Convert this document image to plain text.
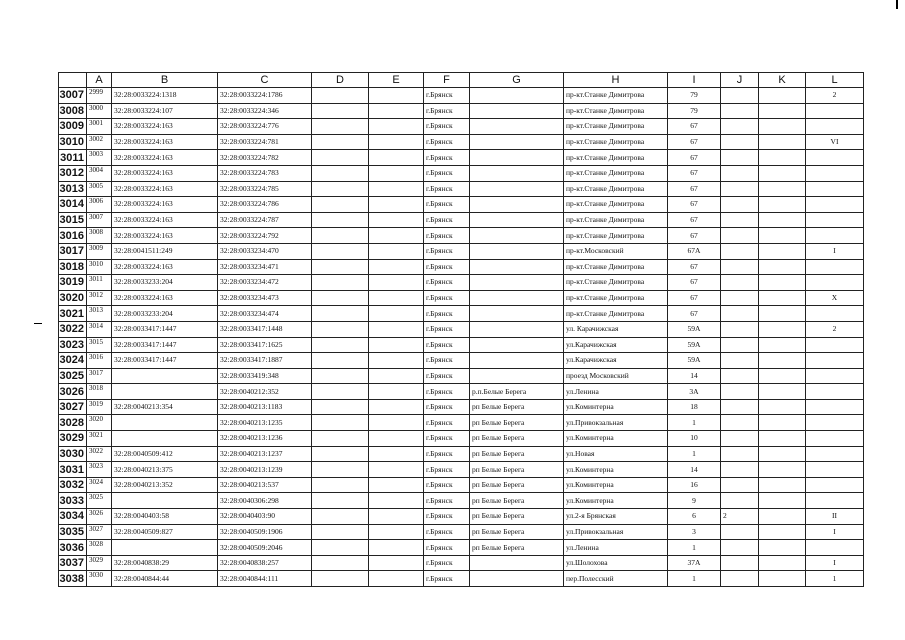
	A	B	C	D	E	F	G	H	I	J	K	L
3007	2999	32:28:0033224:1318	32:28:0033224:1786			г.Брянск		пр-кт.Станке Димитрова	79			2
3008	3000	32:28:0033224:107	32:28:0033224:346			г.Брянск		пр-кт.Станке Димитрова	79			
3009	3001	32:28:0033224:163	32:28:0033224:776			г.Брянск		пр-кт.Станке Димитрова	67			
3010	3002	32:28:0033224:163	32:28:0033224:781			г.Брянск		пр-кт.Станке Димитрова	67			VI
3011	3003	32:28:0033224:163	32:28:0033224:782			г.Брянск		пр-кт.Станке Димитрова	67			
3012	3004	32:28:0033224:163	32:28:0033224:783			г.Брянск		пр-кт.Станке Димитрова	67			
3013	3005	32:28:0033224:163	32:28:0033224:785			г.Брянск		пр-кт.Станке Димитрова	67			
3014	3006	32:28:0033224:163	32:28:0033224:786			г.Брянск		пр-кт.Станке Димитрова	67			
3015	3007	32:28:0033224:163	32:28:0033224:787			г.Брянск		пр-кт.Станке Димитрова	67			
3016	3008	32:28:0033224:163	32:28:0033224:792			г.Брянск		пр-кт.Станке Димитрова	67			
3017	3009	32:28:0041511:249	32:28:0033234:470			г.Брянск		пр-кт.Московский	67А			I
3018	3010	32:28:0033224:163	32:28:0033234:471			г.Брянск		пр-кт.Станке Димитрова	67			
3019	3011	32:28:0033233:204	32:28:0033234:472			г.Брянск		пр-кт.Станке Димитрова	67			
3020	3012	32:28:0033224:163	32:28:0033234:473			г.Брянск		пр-кт.Станке Димитрова	67			X
3021	3013	32:28:0033233:204	32:28:0033234:474			г.Брянск		пр-кт.Станке Димитрова	67			
3022	3014	32:28:0033417:1447	32:28:0033417:1448			г.Брянск		ул. Карачижская	59А			2
3023	3015	32:28:0033417:1447	32:28:0033417:1625			г.Брянск		ул.Карачижская	59А			
3024	3016	32:28:0033417:1447	32:28:0033417:1887			г.Брянск		ул.Карачижская	59А			
3025	3017		32:28:0033419:348			г.Брянск		проезд Московский	14			
3026	3018		32:28:0040212:352			г.Брянск	р.п.Белые Берега	ул.Ленина	3А			
3027	3019	32:28:0040213:354	32:28:0040213:1183			г.Брянск	рп Белые Берега	ул.Коминтерна	18			
3028	3020		32:28:0040213:1235			г.Брянск	рп Белые Берега	ул.Привокзальная	1			
3029	3021		32:28:0040213:1236			г.Брянск	рп Белые Берега	ул.Коминтерна	10			
3030	3022	32:28:0040509:412	32:28:0040213:1237			г.Брянск	рп Белые Берега	ул.Новая	1			
3031	3023	32:28:0040213:375	32:28:0040213:1239			г.Брянск	рп Белые Берега	ул.Коминтерна	14			
3032	3024	32:28:0040213:352	32:28:0040213:537			г.Брянск	рп Белые Берега	ул.Коминтерна	16			
3033	3025		32:28:0040306:298			г.Брянск	рп Белые Берега	ул.Коминтерна	9			
3034	3026	32:28:0040403:58	32:28:0040403:90			г.Брянск	рп Белые Берега	ул.2-я Брянская	6	2		II
3035	3027	32:28:0040509:827	32:28:0040509:1906			г.Брянск	рп Белые Берега	ул.Привокзальная	3			I
3036	3028		32:28:0040509:2046			г.Брянск	рп Белые Берега	ул.Ленина	1			
3037	3029	32:28:0040838:29	32:28:0040838:257			г.Брянск		ул.Шолохова	37А			I
3038	3030	32:28:0040844:44	32:28:0040844:111			г.Брянск		пер.Полесский	1			1
